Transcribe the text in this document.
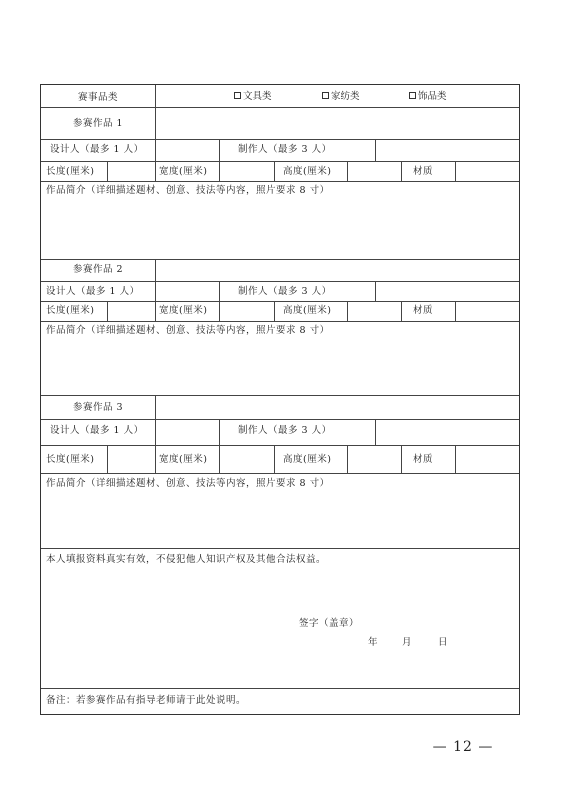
赛事品类	文具类	家纺类	饰品类
参赛作品 1
设计人（最多 1 人）	制作人（最多 3 人）
长度(厘米)	宽度(厘米)	高度(厘米)	材质
作品简介（详细描述题材、创意、技法等内容，照片要求 8 寸）
参赛作品 2
设计人（最多 1 人）	制作人（最多 3 人）
长度(厘米)	宽度(厘米)	高度(厘米)	材质
作品简介（详细描述题材、创意、技法等内容，照片要求 8 寸）
参赛作品 3
设计人（最多 1 人）	制作人（最多 3 人）
长度(厘米)	宽度(厘米)	高度(厘米)	材质
作品简介（详细描述题材、创意、技法等内容，照片要求 8 寸）
本人填报资料真实有效，不侵犯他人知识产权及其他合法权益。
签字（盖章）
年	月	日
备注：若参赛作品有指导老师请于此处说明。
— 12 —
